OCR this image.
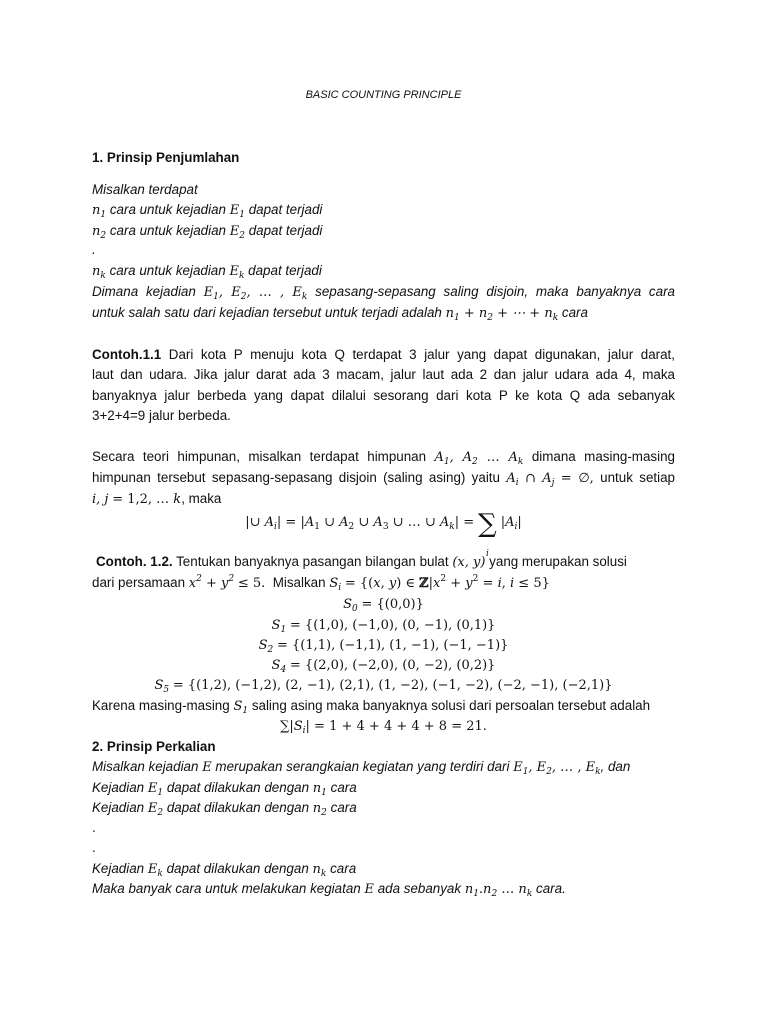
BASIC COUNTING PRINCIPLE
1. Prinsip Penjumlahan
Misalkan terdapat
$n_1$ cara untuk kejadian $E_1$ dapat terjadi
$n_2$ cara untuk kejadian $E_2$ dapat terjadi
.
$n_k$ cara untuk kejadian $E_k$ dapat terjadi
Dimana kejadian $E_1$, $E_2$, … , $E_k$ sepasang-sepasang saling disjoin, maka banyaknya cara
untuk salah satu dari kejadian tersebut untuk terjadi adalah $n_1 + n_2$ + ⋯ + $n_k$ cara
Contoh.1.1 Dari kota P menuju kota Q terdapat 3 jalur yang dapat digunakan, jalur darat,
laut dan udara. Jika jalur darat ada 3 macam, jalur laut ada 2 dan jalur udara ada 4, maka
banyaknya jalur berbeda yang dapat dilalui sesorang dari kota P ke kota Q ada sebanyak
3+2+4=9 jalur berbeda.
Secara teori himpunan, misalkan terdapat himpunan $A_1$, $A_2$ … $A_k$ dimana masing-masing
himpunan tersebut sepasang-sepasang disjoin (saling asing) yaitu $A_i$ ∩ $A_j$ = ∅, untuk setiap
i, j = 1,2, … k, maka
|∪ $A_i| = |A_1$ ∪ $A_2$ ∪ $A_3$ ∪ … ∪ $A_k|$ = ∑
i
$|A_i|$
Contoh. 1.2. Tentukan banyaknya pasangan bilangan bulat (x, y) yang merupakan solusi
dari persamaan $x^2 + y^2 \le 5$. Misalkan $S_i = \{(x$, y) ∈ $ℤ|x^2 + y^2 = i$, i ≤ 5}
$S_0 = \{(0,0)\}$
$S_1 = \{(1,0)$, (−1,0), (0, −1), (0,1)}
$S_2 = \{(1,1)$, (−1,1), (1, −1), (−1, −1)}
$S_4 = \{(2,0)$, (−2,0), (0, −2), (0,2)}
$S_5 = \{(1,2)$, (−1,2), (2, −1), (2,1), (1, −2), (−1, −2), (−2, −1), (−2,1)}
Karena masing-masing $S_1$ saling asing maka banyaknya solusi dari persoalan tersebut adalah
$\sum|S_i| = 1 + 4 + 4 + 4 + 8 = 21$.
2. Prinsip Perkalian
Misalkan kejadian E merupakan serangkaian kegiatan yang terdiri dari $E_1$, $E_2$, … , $E_k$, dan
Kejadian $E_1$ dapat dilakukan dengan $n_1$ cara
Kejadian $E_2$ dapat dilakukan dengan $n_2$ cara
.
.
Kejadian $E_k$ dapat dilakukan dengan $n_k$ cara
Maka banyak cara untuk melakukan kegiatan E ada sebanyak $n_1.n_2$ … $n_k$ cara.
